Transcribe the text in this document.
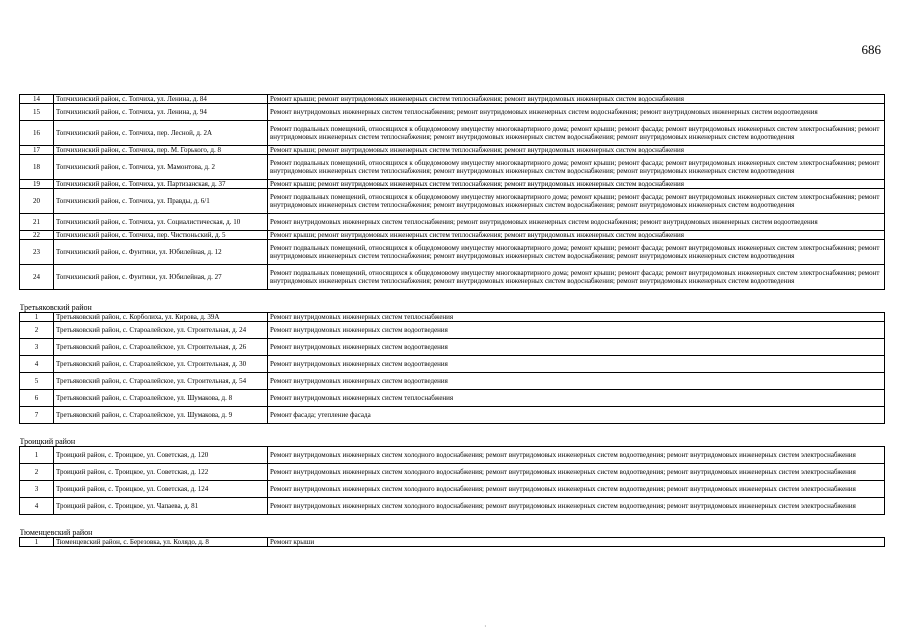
686
14	Топчихинский район, с. Топчиха, ул. Ленина, д. 84	Ремонт крыши; ремонт внутридомовых инженерных систем теплоснабжения; ремонт внутридомовых инженерных систем водоснабжения
15	Топчихинский район, с. Топчиха, ул. Ленина, д. 94	Ремонт внутридомовых инженерных систем теплоснабжения; ремонт внутридомовых инженерных систем водоснабжения; ремонт внутридомовых инженерных систем водоотведения
16	Топчихинский район, с. Топчиха, пер. Лесной, д. 2А	Ремонт подвальных помещений, относящихся к общедомовому имуществу многоквартирного дома; ремонт крыши; ремонт фасада; ремонт внутридомовых инженерных систем электроснабжения; ремонт внутридомовых инженерных систем теплоснабжения; ремонт внутридомовых инженерных систем водоснабжения; ремонт внутридомовых инженерных систем водоотведения
17	Топчихинский район, с. Топчиха, пер. М. Горького, д. 8	Ремонт крыши; ремонт внутридомовых инженерных систем теплоснабжения; ремонт внутридомовых инженерных систем водоснабжения
18	Топчихинский район, с. Топчиха, ул. Мамонтова, д. 2	Ремонт подвальных помещений, относящихся к общедомовому имуществу многоквартирного дома; ремонт крыши; ремонт фасада; ремонт внутридомовых инженерных систем электроснабжения; ремонт внутридомовых инженерных систем теплоснабжения; ремонт внутридомовых инженерных систем водоснабжения; ремонт внутридомовых инженерных систем водоотведения
19	Топчихинский район, с. Топчиха, ул. Партизанская, д. 37	Ремонт крыши; ремонт внутридомовых инженерных систем теплоснабжения; ремонт внутридомовых инженерных систем водоснабжения
20	Топчихинский район, с. Топчиха, ул. Правды, д. 6/1	Ремонт подвальных помещений, относящихся к общедомовому имуществу многоквартирного дома; ремонт крыши; ремонт фасада; ремонт внутридомовых инженерных систем электроснабжения; ремонт внутридомовых инженерных систем теплоснабжения; ремонт внутридомовых инженерных систем водоснабжения; ремонт внутридомовых инженерных систем водоотведения
21	Топчихинский район, с. Топчиха, ул. Социалистическая, д. 10	Ремонт внутридомовых инженерных систем теплоснабжения; ремонт внутридомовых инженерных систем водоснабжения; ремонт внутридомовых инженерных систем водоотведения
22	Топчихинский район, с. Топчиха, пер. Чистюньский, д. 5	Ремонт крыши; ремонт внутридомовых инженерных систем теплоснабжения; ремонт внутридомовых инженерных систем водоснабжения
23	Топчихинский район, с. Фунтики, ул. Юбилейная, д. 12	Ремонт подвальных помещений, относящихся к общедомовому имуществу многоквартирного дома; ремонт крыши; ремонт фасада; ремонт внутридомовых инженерных систем электроснабжения; ремонт внутридомовых инженерных систем теплоснабжения; ремонт внутридомовых инженерных систем водоснабжения; ремонт внутридомовых инженерных систем водоотведения
24	Топчихинский район, с. Фунтики, ул. Юбилейная, д. 27	Ремонт подвальных помещений, относящихся к общедомовому имуществу многоквартирного дома; ремонт крыши; ремонт фасада; ремонт внутридомовых инженерных систем электроснабжения; ремонт внутридомовых инженерных систем теплоснабжения; ремонт внутридомовых инженерных систем водоснабжения; ремонт внутридомовых инженерных систем водоотведения
Третьяковский район		
1	Третьяковский район, с. Корболиха, ул. Кирова, д. 39А	Ремонт внутридомовых инженерных систем теплоснабжения
2	Третьяковский район, с. Староалейское, ул. Строительная, д. 24	Ремонт внутридомовых инженерных систем водоотведения
3	Третьяковский район, с. Староалейское, ул. Строительная, д. 26	Ремонт внутридомовых инженерных систем водоотведения
4	Третьяковский район, с. Староалейское, ул. Строительная, д. 30	Ремонт внутридомовых инженерных систем водоотведения
5	Третьяковский район, с. Староалейское, ул. Строительная, д. 54	Ремонт внутридомовых инженерных систем водоотведения
6	Третьяковский район, с. Староалейское, ул. Шумакова, д. 8	Ремонт внутридомовых инженерных систем теплоснабжения
7	Третьяковский район, с. Староалейское, ул. Шумакова, д. 9	Ремонт фасада; утепление фасада
Троицкий район		
1	Троицкий район, с. Троицкое, ул. Советская, д. 120	Ремонт внутридомовых инженерных систем холодного водоснабжения; ремонт внутридомовых инженерных систем водоотведения; ремонт внутридомовых инженерных систем электроснабжения
2	Троицкий район, с. Троицкое, ул. Советская, д. 122	Ремонт внутридомовых инженерных систем холодного водоснабжения; ремонт внутридомовых инженерных систем водоотведения; ремонт внутридомовых инженерных систем электроснабжения
3	Троицкий район, с. Троицкое, ул. Советская, д. 124	Ремонт внутридомовых инженерных систем холодного водоснабжения; ремонт внутридомовых инженерных систем водоотведения; ремонт внутридомовых инженерных систем электроснабжения
4	Троицкий район, с. Троицкое, ул. Чапаева, д. 81	Ремонт внутридомовых инженерных систем холодного водоснабжения; ремонт внутридомовых инженерных систем водоотведения; ремонт внутридомовых инженерных систем электроснабжения
Тюменцевский район		
1	Тюменцевский район, с. Березовка, ул. Колядо, д. 8	Ремонт крыши
·
